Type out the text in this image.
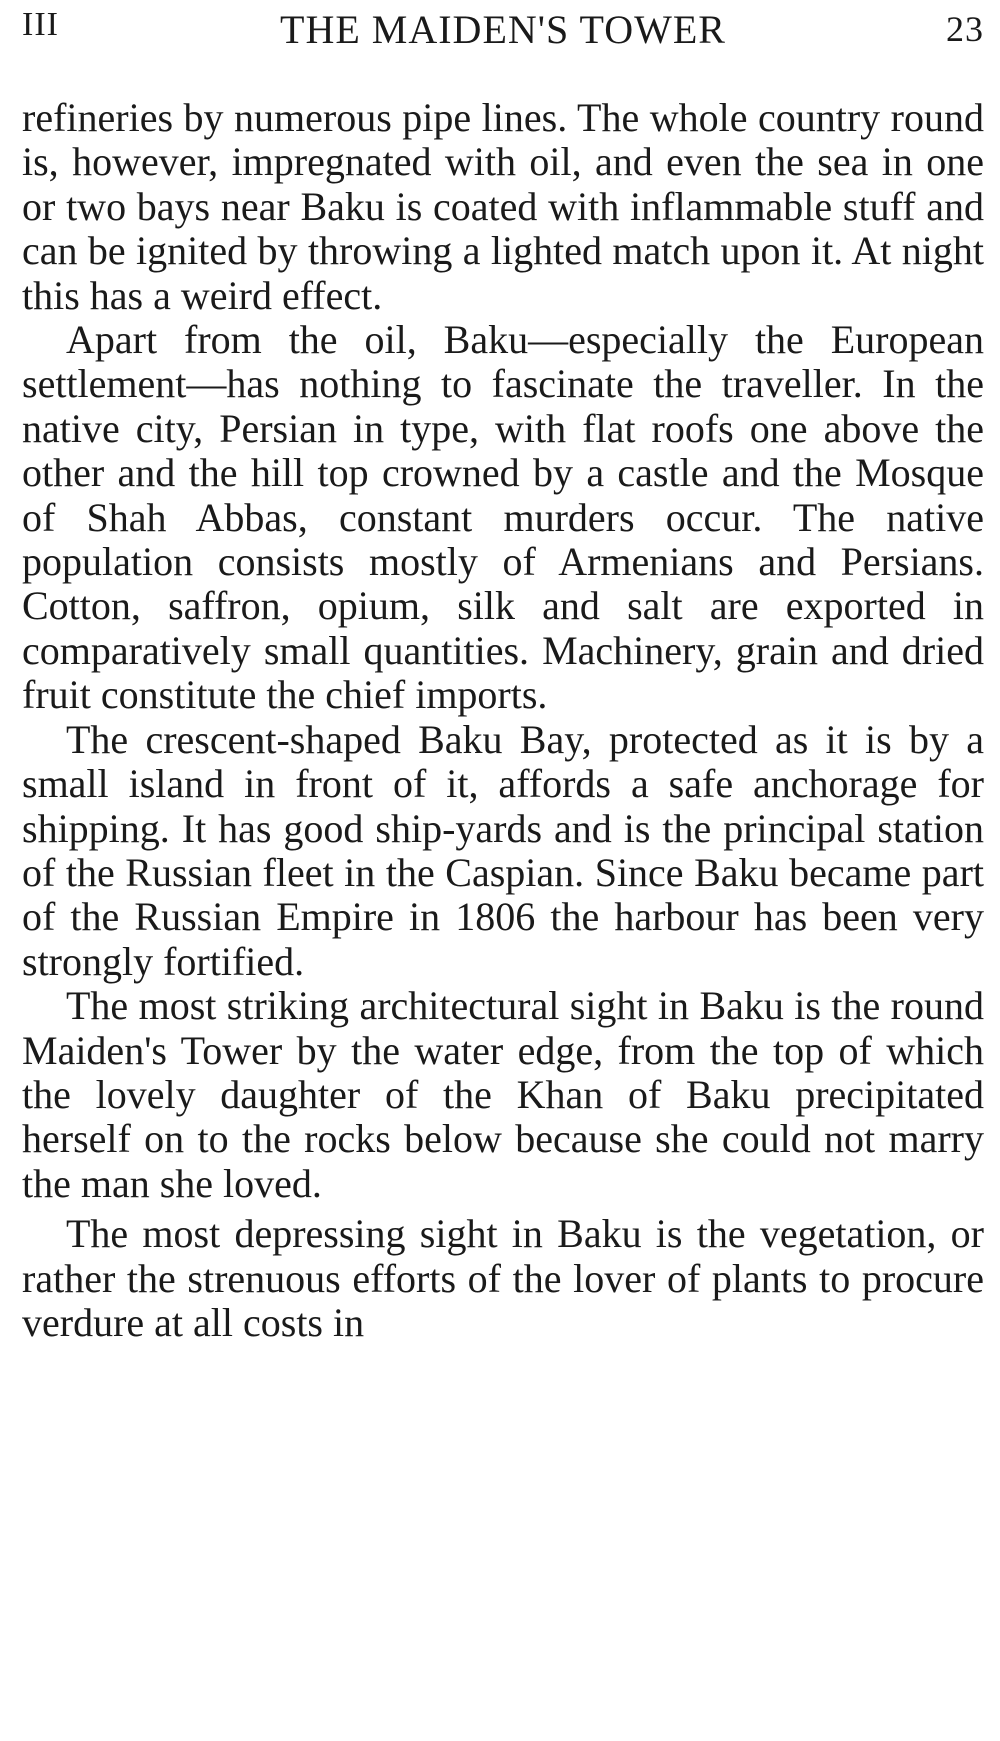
III	THE MAIDEN'S TOWER	23

refineries by numerous pipe lines. The whole country round is, however, impregnated with oil, and even the sea in one or two bays near Baku is coated with inflammable stuff and can be ignited by throwing a lighted match upon it. At night this has a weird effect.

Apart from the oil, Baku—especially the European settlement—has nothing to fascinate the traveller. In the native city, Persian in type, with flat roofs one above the other and the hill top crowned by a castle and the Mosque of Shah Abbas, constant murders occur. The native population consists mostly of Armenians and Persians. Cotton, saffron, opium, silk and salt are exported in comparatively small quantities. Machinery, grain and dried fruit constitute the chief imports.

The crescent-shaped Baku Bay, protected as it is by a small island in front of it, affords a safe anchorage for shipping. It has good ship-yards and is the principal station of the Russian fleet in the Caspian. Since Baku became part of the Russian Empire in 1806 the harbour has been very strongly fortified.

The most striking architectural sight in Baku is the round Maiden's Tower by the water edge, from the top of which the lovely daughter of the Khan of Baku precipitated herself on to the rocks below because she could not marry the man she loved.

The most depressing sight in Baku is the vegetation, or rather the strenuous efforts of the lover of plants to procure verdure at all costs in
